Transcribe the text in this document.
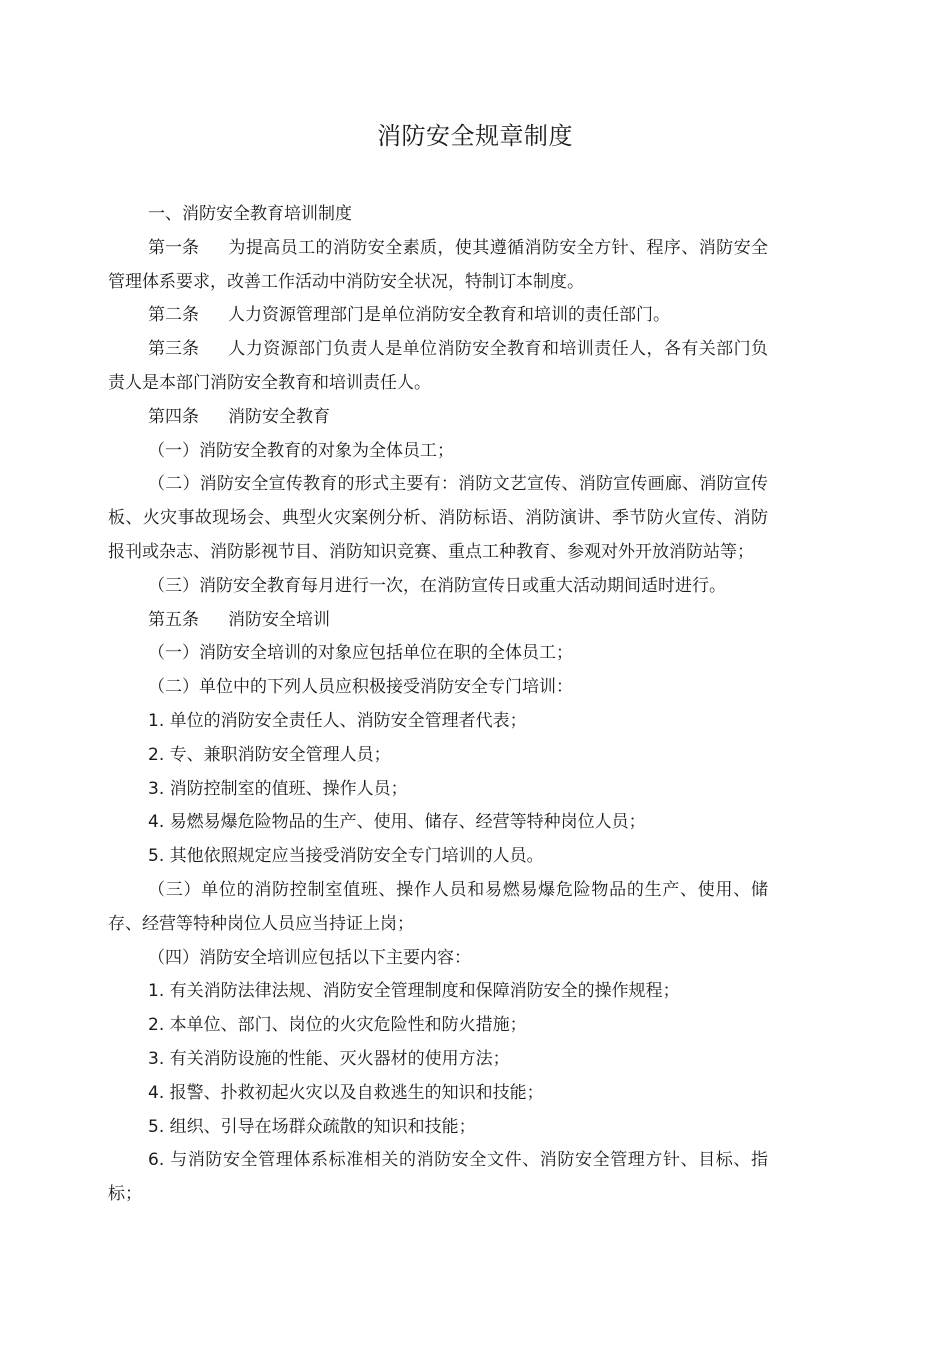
消防安全规章制度

一、消防安全教育培训制度

第一条 为提高员工的消防安全素质，使其遵循消防安全方针、程序、消防安全管理体系要求，改善工作活动中消防安全状况，特制订本制度。

第二条 人力资源管理部门是单位消防安全教育和培训的责任部门。

第三条 人力资源部门负责人是单位消防安全教育和培训责任人，各有关部门负责人是本部门消防安全教育和培训责任人。

第四条 消防安全教育

（一）消防安全教育的对象为全体员工；

（二）消防安全宣传教育的形式主要有：消防文艺宣传、消防宣传画廊、消防宣传板、火灾事故现场会、典型火灾案例分析、消防标语、消防演讲、季节防火宣传、消防报刊或杂志、消防影视节目、消防知识竞赛、重点工种教育、参观对外开放消防站等；

（三）消防安全教育每月进行一次，在消防宣传日或重大活动期间适时进行。

第五条 消防安全培训

（一）消防安全培训的对象应包括单位在职的全体员工；

（二）单位中的下列人员应积极接受消防安全专门培训：

1. 单位的消防安全责任人、消防安全管理者代表；

2. 专、兼职消防安全管理人员；

3. 消防控制室的值班、操作人员；

4. 易燃易爆危险物品的生产、使用、储存、经营等特种岗位人员；

5. 其他依照规定应当接受消防安全专门培训的人员。

（三）单位的消防控制室值班、操作人员和易燃易爆危险物品的生产、使用、储存、经营等特种岗位人员应当持证上岗；

（四）消防安全培训应包括以下主要内容：

1. 有关消防法律法规、消防安全管理制度和保障消防安全的操作规程；

2. 本单位、部门、岗位的火灾危险性和防火措施；

3. 有关消防设施的性能、灭火器材的使用方法；

4. 报警、扑救初起火灾以及自救逃生的知识和技能；

5. 组织、引导在场群众疏散的知识和技能；

6. 与消防安全管理体系标准相关的消防安全文件、消防安全管理方针、目标、指标；
